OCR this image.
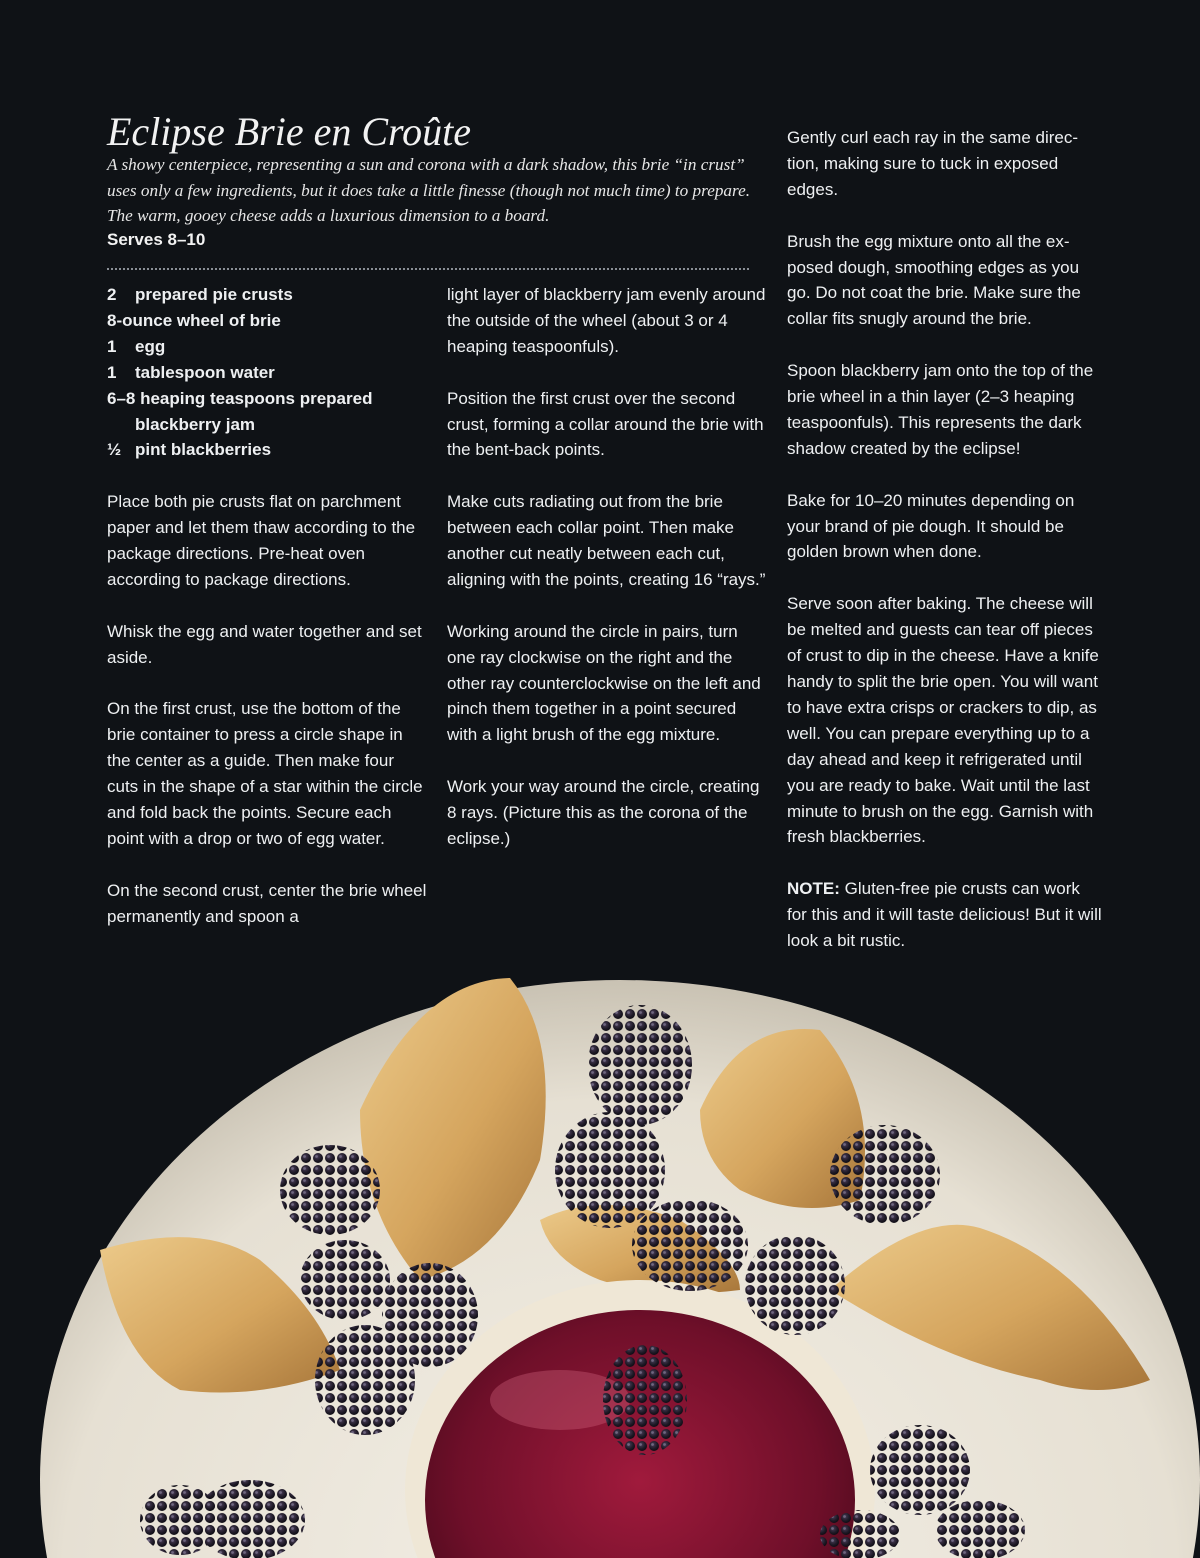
Eclipse Brie en Croûte
A showy centerpiece, representing a sun and corona with a dark shadow, this brie “in crust” uses only a few ingredients, but it does take a little finesse (though not much time) to prepare. The warm, gooey cheese adds a luxurious dimension to a board.
Serves 8–10
2	prepared pie crusts
8-ounce wheel of brie
1	egg
1	tablespoon water
6–8 heaping teaspoons prepared
blackberry jam
½ pint blackberries

Place both pie crusts flat on parchment paper and let them thaw according to the package directions. Pre-heat oven according to package directions.

Whisk the egg and water together and set aside.

On the first crust, use the bottom of the brie container to press a circle shape in the center as a guide. Then make four cuts in the shape of a star within the circle and fold back the points. Secure each point with a drop or two of egg water.

On the second crust, center the brie wheel permanently and spoon a

light layer of blackberry jam evenly around the outside of the wheel (about 3 or 4 heaping teaspoonfuls).

Position the first crust over the second crust, forming a collar around the brie with the bent-back points.

Make cuts radiating out from the brie between each collar point. Then make another cut neatly between each cut, aligning with the points, creating 16 “rays.”

Working around the circle in pairs, turn one ray clockwise on the right and the other ray counterclockwise on the left and pinch them together in a point secured with a light brush of the egg mixture.

Work your way around the circle, creating 8 rays. (Picture this as the corona of the eclipse.)

Gently curl each ray in the same direction, making sure to tuck in exposed edges.

Brush the egg mixture onto all the exposed dough, smoothing edges as you go. Do not coat the brie. Make sure the collar fits snugly around the brie.

Spoon blackberry jam onto the top of the brie wheel in a thin layer (2–3 heaping teaspoonfuls). This represents the dark shadow created by the eclipse!

Bake for 10–20 minutes depending on your brand of pie dough. It should be golden brown when done.

Serve soon after baking. The cheese will be melted and guests can tear off pieces of crust to dip in the cheese. Have a knife handy to split the brie open. You will want to have extra crisps or crackers to dip, as well. You can prepare everything up to a day ahead and keep it refrigerated until you are ready to bake. Wait until the last minute to brush on the egg. Garnish with fresh blackberries.

NOTE: Gluten-free pie crusts can work for this and it will taste delicious! But it will look a bit rustic.
